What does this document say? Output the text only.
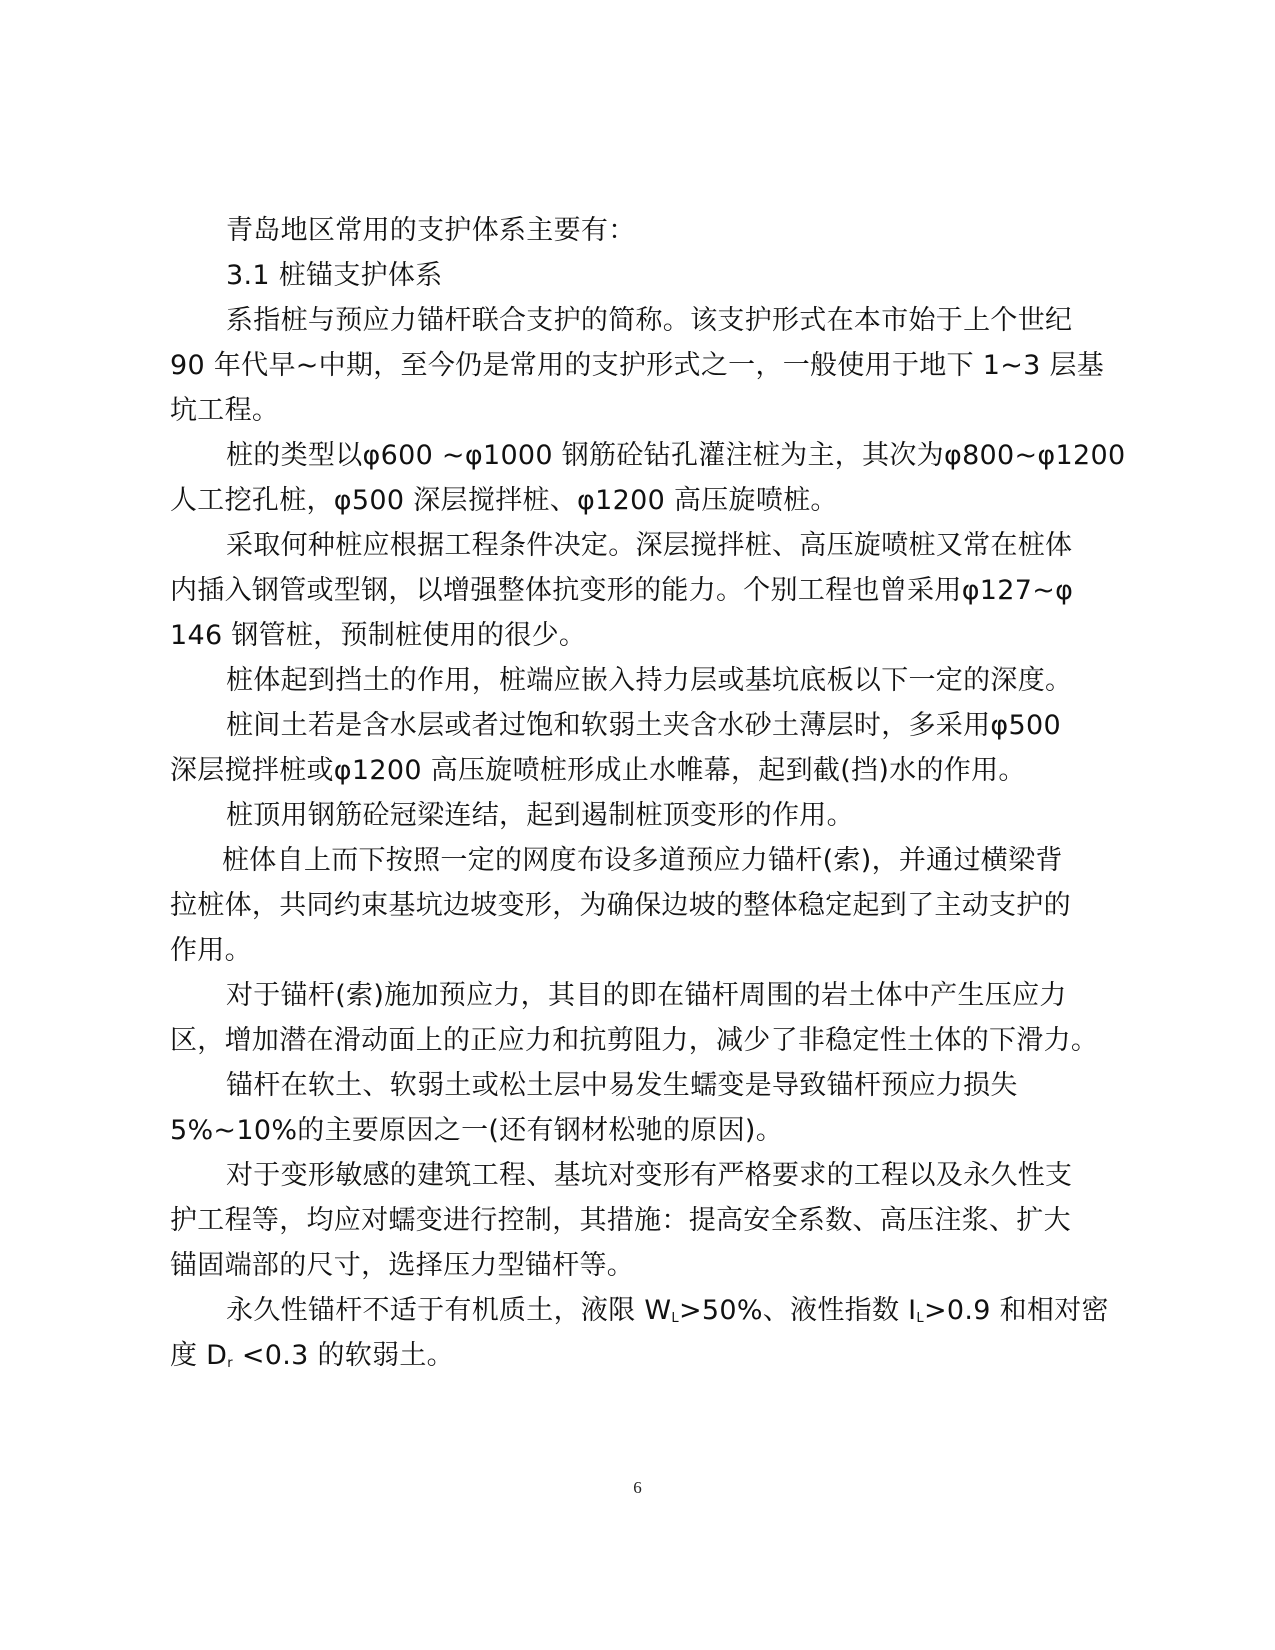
青岛地区常用的支护体系主要有：
3.1 桩锚支护体系
系指桩与预应力锚杆联合支护的简称。该支护形式在本市始于上个世纪
90 年代早~中期，至今仍是常用的支护形式之一，一般使用于地下 1~3 层基
坑工程。
桩的类型以φ600 ~φ1000 钢筋砼钻孔灌注桩为主，其次为φ800~φ1200
人工挖孔桩，φ500 深层搅拌桩、φ1200 高压旋喷桩。
采取何种桩应根据工程条件决定。深层搅拌桩、高压旋喷桩又常在桩体
内插入钢管或型钢，以增强整体抗变形的能力。个别工程也曾采用φ127~φ
146 钢管桩，预制桩使用的很少。
桩体起到挡土的作用，桩端应嵌入持力层或基坑底板以下一定的深度。
桩间土若是含水层或者过饱和软弱土夹含水砂土薄层时，多采用φ500
深层搅拌桩或φ1200 高压旋喷桩形成止水帷幕，起到截(挡)水的作用。
桩顶用钢筋砼冠梁连结，起到遏制桩顶变形的作用。
桩体自上而下按照一定的网度布设多道预应力锚杆(索)，并通过横梁背
拉桩体，共同约束基坑边坡变形，为确保边坡的整体稳定起到了主动支护的
作用。
对于锚杆(索)施加预应力，其目的即在锚杆周围的岩土体中产生压应力
区，增加潜在滑动面上的正应力和抗剪阻力，减少了非稳定性土体的下滑力。
锚杆在软土、软弱土或松土层中易发生蠕变是导致锚杆预应力损失
5%~10%的主要原因之一(还有钢材松驰的原因)。
对于变形敏感的建筑工程、基坑对变形有严格要求的工程以及永久性支
护工程等，均应对蠕变进行控制，其措施：提高安全系数、高压注浆、扩大
锚固端部的尺寸，选择压力型锚杆等。
永久性锚杆不适于有机质土，液限 $W_L>50\%$、液性指数 $I_L>0.9$ 和相对密
度 $D_r <0.3$ 的软弱土。
6
